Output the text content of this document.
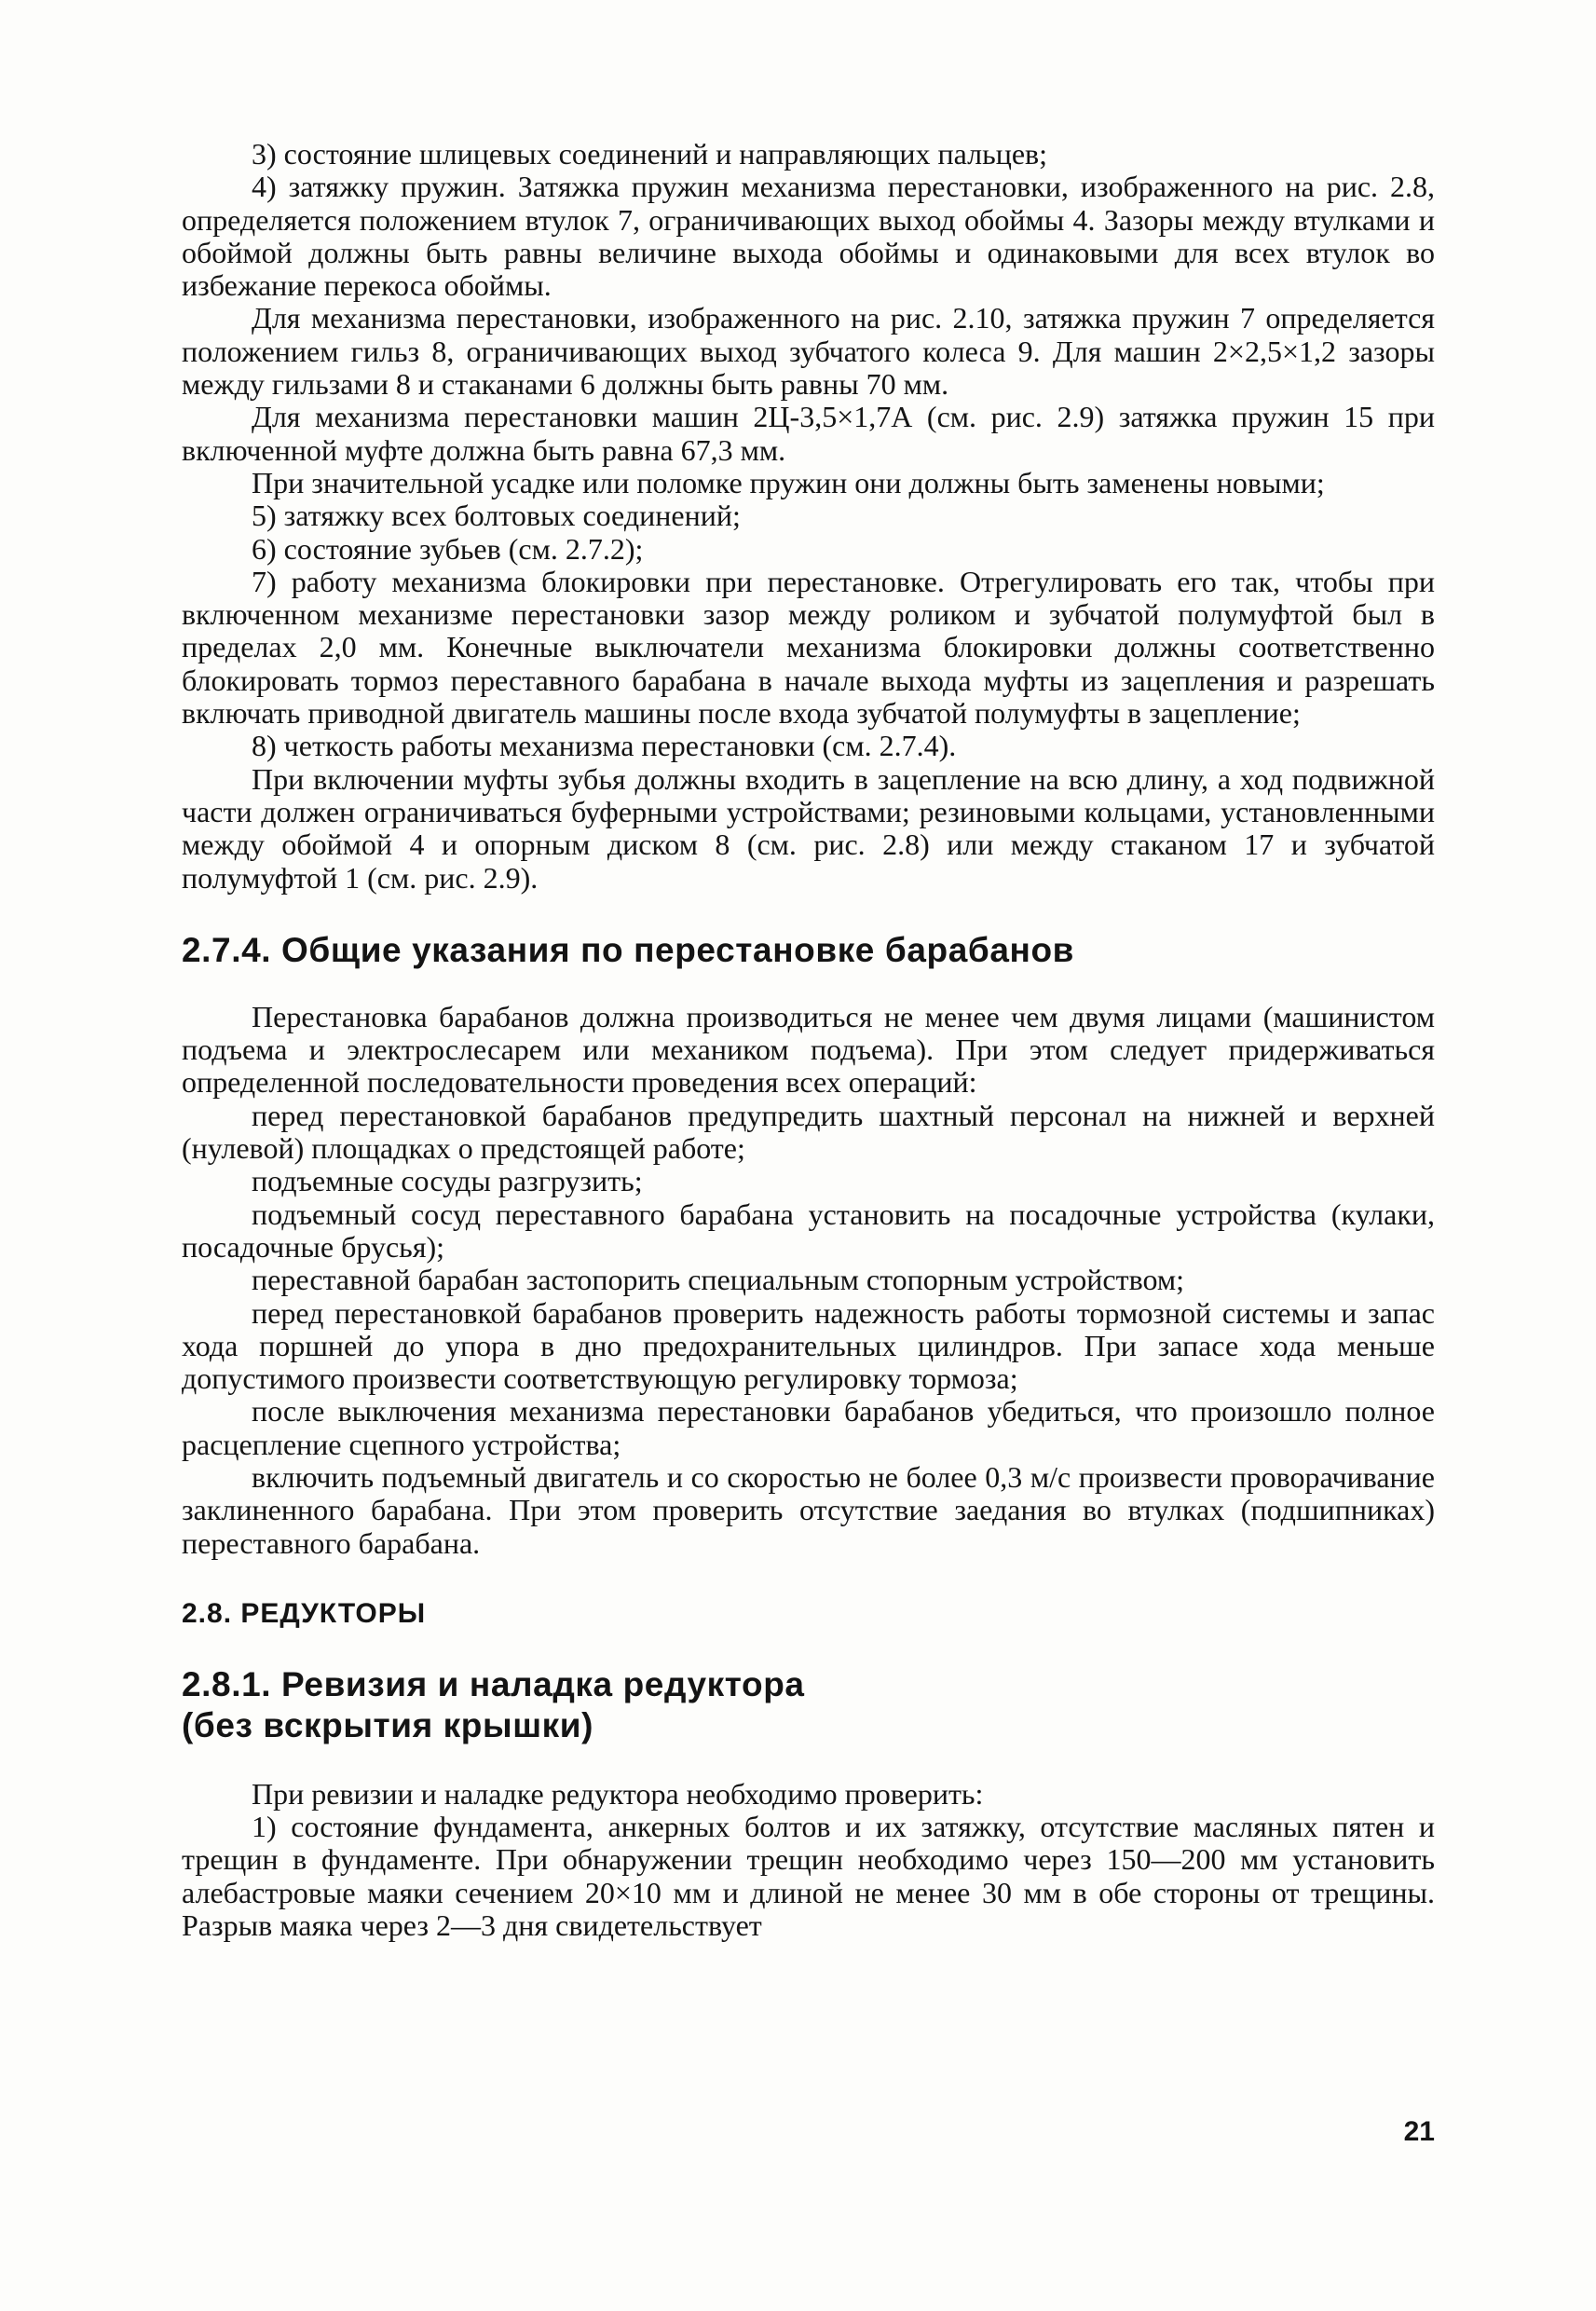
3) состояние шлицевых соединений и направляющих пальцев;

4) затяжку пружин. Затяжка пружин механизма перестановки, изображенного на рис. 2.8, определяется положением втулок 7, ограничивающих выход обоймы 4. Зазоры между втулками и обоймой должны быть равны величине выхода обоймы и одинаковыми для всех втулок во избежание перекоса обоймы.

Для механизма перестановки, изображенного на рис. 2.10, затяжка пружин 7 определяется положением гильз 8, ограничивающих выход зубчатого колеса 9. Для машин 2×2,5×1,2 зазоры между гильзами 8 и стаканами 6 должны быть равны 70 мм.

Для механизма перестановки машин 2Ц-3,5×1,7А (см. рис. 2.9) затяжка пружин 15 при включенной муфте должна быть равна 67,3 мм.

При значительной усадке или поломке пружин они должны быть заменены новыми;

5) затяжку всех болтовых соединений;

6) состояние зубьев (см. 2.7.2);

7) работу механизма блокировки при перестановке. Отрегулировать его так, чтобы при включенном механизме перестановки зазор между роликом и зубчатой полумуфтой был в пределах 2,0 мм. Конечные выключатели механизма блокировки должны соответственно блокировать тормоз переставного барабана в начале выхода муфты из зацепления и разрешать включать приводной двигатель машины после входа зубчатой полумуфты в зацепление;

8) четкость работы механизма перестановки (см. 2.7.4).

При включении муфты зубья должны входить в зацепление на всю длину, а ход подвижной части должен ограничиваться буферными устройствами; резиновыми кольцами, установленными между обоймой 4 и опорным диском 8 (см. рис. 2.8) или между стаканом 17 и зубчатой полумуфтой 1 (см. рис. 2.9).

2.7.4. Общие указания по перестановке барабанов

Перестановка барабанов должна производиться не менее чем двумя лицами (машинистом подъема и электрослесарем или механиком подъема). При этом следует придерживаться определенной последовательности проведения всех операций:

перед перестановкой барабанов предупредить шахтный персонал на нижней и верхней (нулевой) площадках о предстоящей работе;

подъемные сосуды разгрузить;

подъемный сосуд переставного барабана установить на посадочные устройства (кулаки, посадочные брусья);

переставной барабан застопорить специальным стопорным устройством;

перед перестановкой барабанов проверить надежность работы тормозной системы и запас хода поршней до упора в дно предохранительных цилиндров. При запасе хода меньше допустимого произвести соответствующую регулировку тормоза;

после выключения механизма перестановки барабанов убедиться, что произошло полное расцепление сцепного устройства;

включить подъемный двигатель и со скоростью не более 0,3 м/с произвести проворачивание заклиненного барабана. При этом проверить отсутствие заедания во втулках (подшипниках) переставного барабана.

2.8. РЕДУКТОРЫ
2.8.1. Ревизия и наладка редуктора
(без вскрытия крышки)

При ревизии и наладке редуктора необходимо проверить:

1) состояние фундамента, анкерных болтов и их затяжку, отсутствие масляных пятен и трещин в фундаменте. При обнаружении трещин необходимо через 150—200 мм установить алебастровые маяки сечением 20×10 мм и длиной не менее 30 мм в обе стороны от трещины. Разрыв маяка через 2—3 дня свидетельствует

21
